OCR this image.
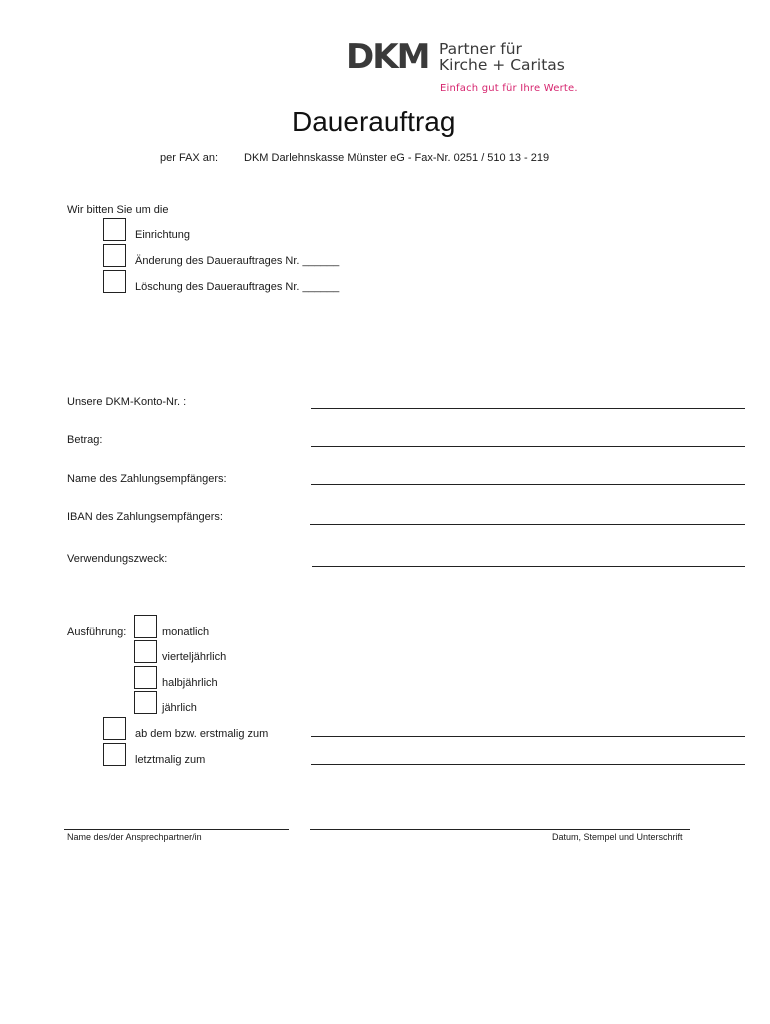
DKM Partner für
Kirche + Caritas
Einfach gut für Ihre Werte.
Dauerauftrag
per FAX an: DKM Darlehnskasse Münster eG - Fax-Nr. 0251 / 510 13 - 219
Wir bitten Sie um die
Einrichtung
Änderung des Dauerauftrages Nr. ______
Löschung des Dauerauftrages Nr. ______
Unsere DKM-Konto-Nr. :
Betrag:
Name des Zahlungsempfängers:
IBAN des Zahlungsempfängers:
Verwendungszweck:
Ausführung:	monatlich
vierteljährlich
halbjährlich
jährlich
ab dem bzw. erstmalig zum
letztmalig zum
Name des/der Ansprechpartner/in	Datum, Stempel und Unterschrift
